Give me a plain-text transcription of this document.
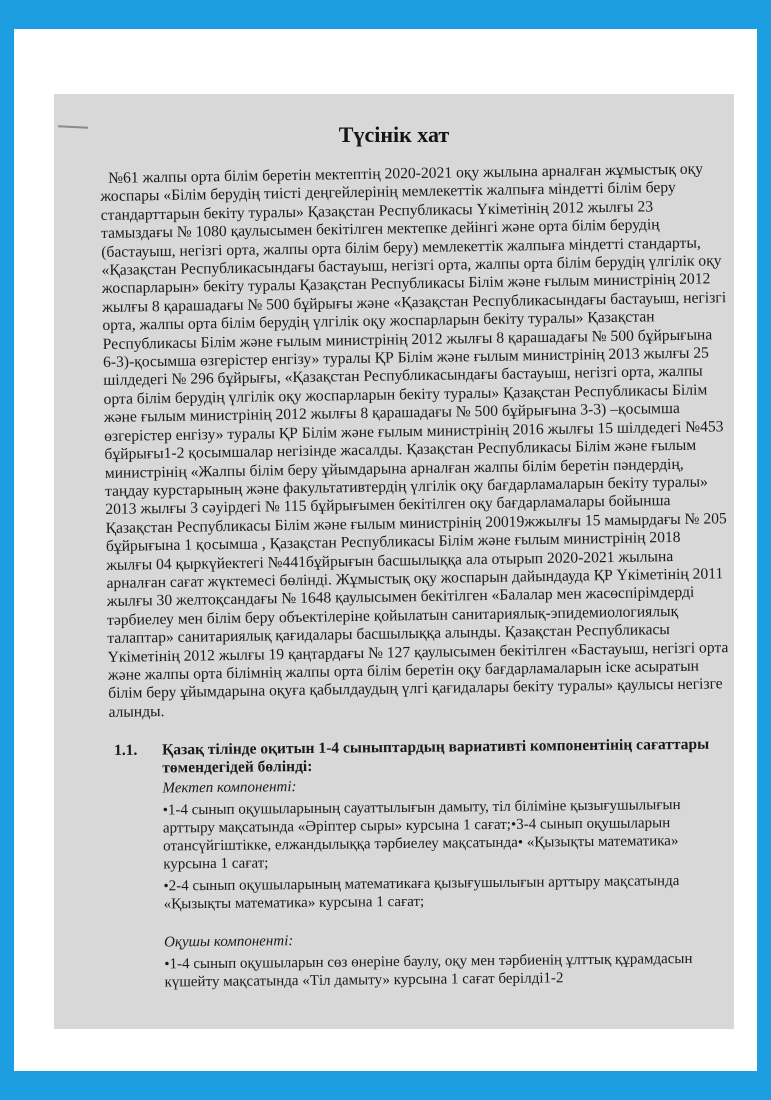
Түсінік хат

№61 жалпы орта білім беретін мектептің 2020-2021 оқу жылына арналған жұмыстық оқу жоспары «Білім берудің тиісті деңгейлерінің мемлекеттік жалпыға міндетті білім беру стандарттарын бекіту туралы» Қазақстан Республикасы Үкіметінің 2012 жылғы 23 тамыздағы № 1080 қаулысымен бекітілген мектепке дейінгі және орта білім берудің (бастауыш, негізгі орта, жалпы орта білім беру) мемлекеттік жалпыға міндетті стандарты, «Қазақстан Республикасындағы бастауыш, негізгі орта, жалпы орта білім берудің үлгілік оқу жоспарларын» бекіту туралы Қазақстан Республикасы Білім және ғылым министрінің 2012 жылғы 8 қарашадағы № 500 бұйрығы және «Қазақстан Республикасындағы бастауыш, негізгі орта, жалпы орта білім берудің үлгілік оқу жоспарларын бекіту туралы» Қазақстан Республикасы Білім және ғылым министрінің 2012 жылғы 8 қарашадағы № 500 бұйрығына 6-3)-қосымша өзгерістер енгізу» туралы ҚР Білім және ғылым министрінің 2013 жылғы 25 шілдедегі № 296 бұйрығы, «Қазақстан Республикасындағы бастауыш, негізгі орта, жалпы орта білім берудің үлгілік оқу жоспарларын бекіту туралы» Қазақстан Республикасы Білім және ғылым министрінің 2012 жылғы 8 қарашадағы № 500 бұйрығына 3-3) –қосымша өзгерістер енгізу» туралы ҚР Білім және ғылым министрінің 2016 жылғы 15 шілдедегі №453 бұйрығы1-2 қосымшалар негізінде жасалды. Қазақстан Республикасы Білім және ғылым министрінің «Жалпы білім беру ұйымдарына арналған жалпы білім беретін пәндердің, таңдау курстарының және факультативтердің үлгілік оқу бағдарламаларын бекіту туралы» 2013 жылғы 3 сәуірдегі № 115 бұйрығымен бекітілген оқу бағдарламалары бойынша Қазақстан Республикасы Білім және ғылым министрінің 20019жжылғы 15 мамырдағы № 205 бұйрығына 1 қосымша , Қазақстан Республикасы Білім және ғылым министрінің 2018 жылғы 04 қыркүйектегі №441бұйрығын басшылыққа ала отырып 2020-2021 жылына арналған сағат жүктемесі бөлінді. Жұмыстық оқу жоспарын дайындауда ҚР Үкіметінің 2011 жылғы 30 желтоқсандағы № 1648 қаулысымен бекітілген «Балалар мен жасөспірімдерді тәрбиелеу мен білім беру объектілеріне қойылатын санитариялық-эпидемиологиялық талаптар» санитариялық қағидалары басшылыққа алынды. Қазақстан Республикасы Үкіметінің 2012 жылғы 19 қаңтардағы № 127 қаулысымен бекітілген «Бастауыш, негізгі орта және жалпы орта білімнің жалпы орта білім беретін оқу бағдарламаларын іске асыратын білім беру ұйымдарына оқуға қабылдаудың үлгі қағидалары бекіту туралы» қаулысы негізге алынды.

1.1.	Қазақ тілінде оқитын 1-4 сыныптардың вариативті компонентінің сағаттары төмендегідей бөлінді:
Мектеп компоненті:
•1-4 сынып оқушыларының сауаттылығын дамыту, тіл біліміне қызығушылығын арттыру мақсатында «Әріптер сыры» курсына 1 сағат;•3-4 сынып оқушыларын отансүйгіштікке, елжандылыққа тәрбиелеу мақсатында• «Қызықты математика» курсына 1 сағат;
•2-4 сынып оқушыларының математикаға қызығушылығын арттыру мақсатында «Қызықты математика» курсына 1 сағат;
Оқушы компоненті:
•1-4 сынып оқушыларын сөз өнеріне баулу, оқу мен тәрбиенің ұлттық құрамдасын күшейту мақсатында «Тіл дамыту» курсына 1 сағат берілді1-2
